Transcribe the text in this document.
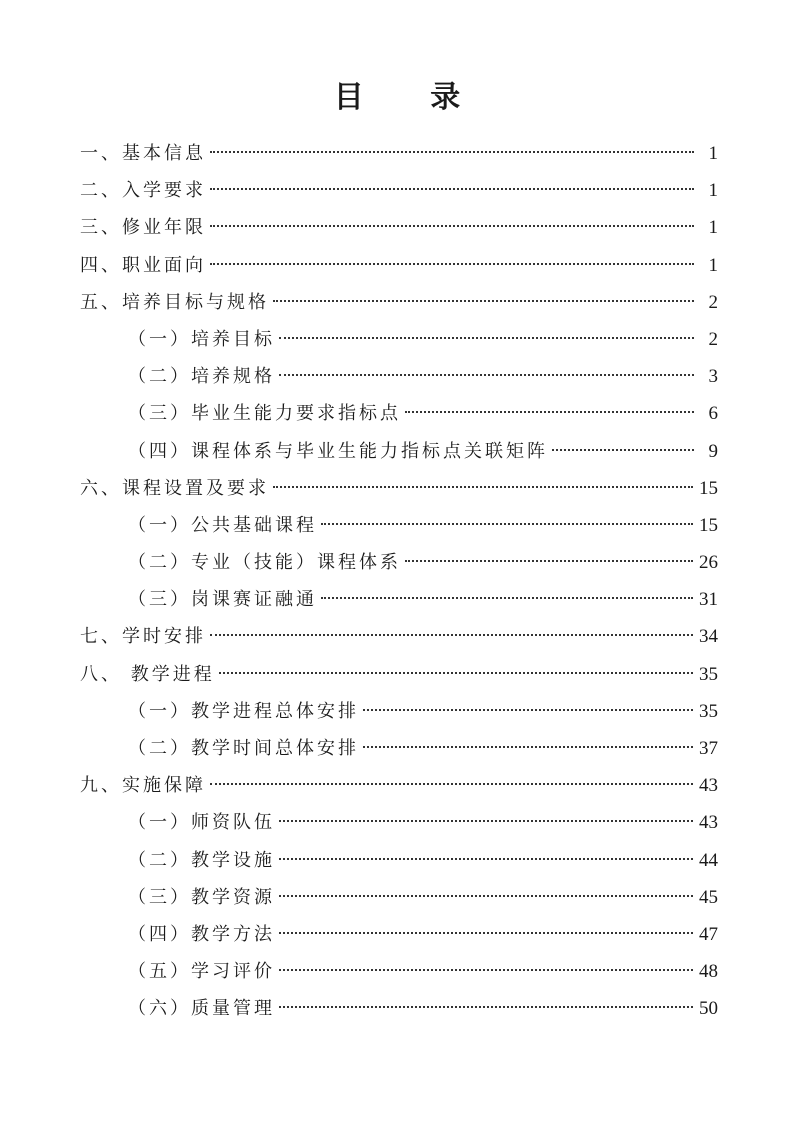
目 录
一、基本信息	1
二、入学要求	1
三、修业年限	1
四、职业面向	1
五、培养目标与规格	2
（一）培养目标	2
（二）培养规格	3
（三）毕业生能力要求指标点	6
（四）课程体系与毕业生能力指标点关联矩阵	9
六、课程设置及要求	15
（一）公共基础课程	15
（二）专业（技能）课程体系	26
（三）岗课赛证融通	31
七、学时安排	34
八、 教学进程	35
（一）教学进程总体安排	35
（二）教学时间总体安排	37
九、实施保障	43
（一）师资队伍	43
（二）教学设施	44
（三）教学资源	45
（四）教学方法	47
（五）学习评价	48
（六）质量管理	50
